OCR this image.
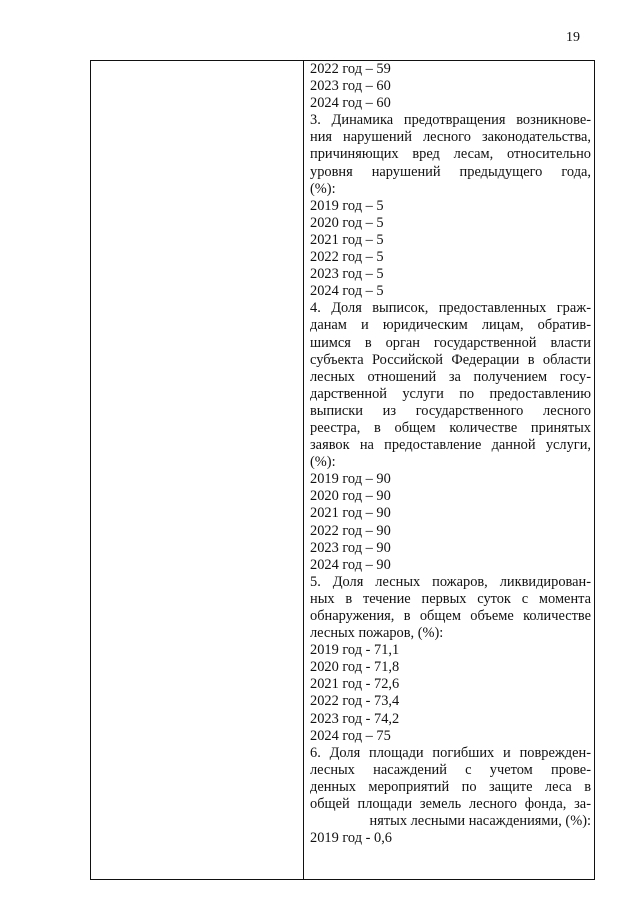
19
2022 год – 59
2023 год – 60
2024 год – 60
3. Динамика предотвращения возникнове-
ния нарушений лесного законодательства,
причиняющих вред лесам, относительно
уровня нарушений предыдущего года,
(%):
2019 год – 5
2020 год – 5
2021 год – 5
2022 год – 5
2023 год – 5
2024 год – 5
4. Доля выписок, предоставленных граж-
данам и юридическим лицам, обратив-
шимся в орган государственной власти
субъекта Российской Федерации в области
лесных отношений за получением госу-
дарственной услуги по предоставлению
выписки из государственного лесного
реестра, в общем количестве принятых
заявок на предоставление данной услуги,
(%):
2019 год – 90
2020 год – 90
2021 год – 90
2022 год – 90
2023 год – 90
2024 год – 90
5. Доля лесных пожаров, ликвидирован-
ных в течение первых суток с момента
обнаружения, в общем объеме количестве
лесных пожаров, (%):
2019 год - 71,1
2020 год - 71,8
2021 год - 72,6
2022 год - 73,4
2023 год - 74,2
2024 год – 75
6. Доля площади погибших и поврежден-
лесных насаждений с учетом прове-
денных мероприятий по защите леса в
общей площади земель лесного фонда, за-
нятых лесными насаждениями, (%):
2019 год - 0,6
